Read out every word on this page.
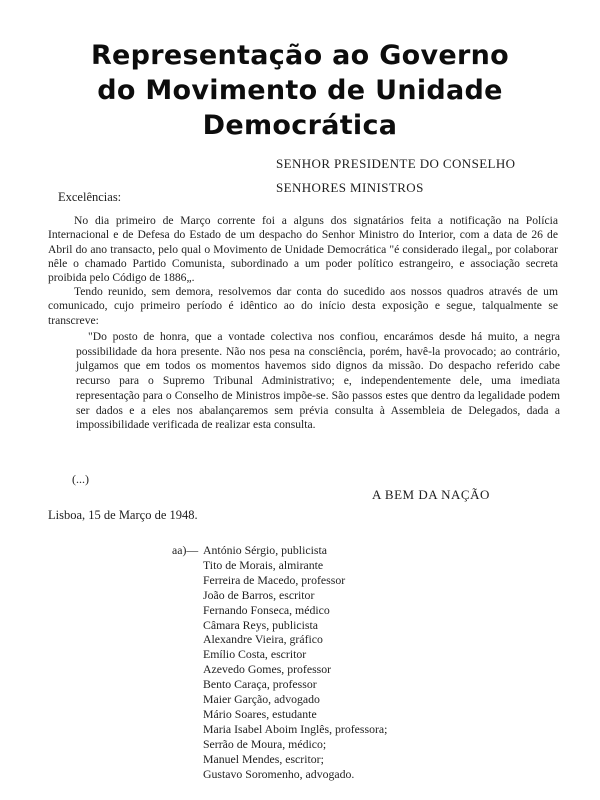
Representação ao Governo
do Movimento de Unidade
Democrática
SENHOR PRESIDENTE DO CONSELHO
SENHORES MINISTROS
Excelências:

No dia primeiro de Março corrente foi a alguns dos signatários feita a notificação na Polícia Internacional e de Defesa do Estado de um despacho do Senhor Ministro do Interior, com a data de 26 de Abril do ano transacto, pelo qual o Movimento de Unidade Democrática "é considerado ilegal„ por colaborar nêle o chamado Partido Comunista, subordinado a um poder político estrangeiro, e associação secreta proibida pelo Código de 1886„.

Tendo reunido, sem demora, resolvemos dar conta do sucedido aos nossos quadros através de um comunicado, cujo primeiro período é idêntico ao do início desta exposição e segue, talqualmente se transcreve:

"Do posto de honra, que a vontade colectiva nos confiou, encarámos desde há muito, a negra possibilidade da hora presente. Não nos pesa na consciência, porém, havê-la provocado; ao contrário, julgamos que em todos os momentos havemos sido dignos da missão. Do despacho referido cabe recurso para o Supremo Tribunal Administrativo; e, independentemente dele, uma imediata representação para o Conselho de Ministros impõe-se. São passos estes que dentro da legalidade podem ser dados e a eles nos abalançaremos sem prévia consulta à Assembleia de Delegados, dada a impossibilidade verificada de realizar esta consulta.

(...)
A BEM DA NAÇÃO
Lisboa, 15 de Março de 1948.
aa)— António Sérgio, publicista
Tito de Morais, almirante
Ferreira de Macedo, professor
João de Barros, escritor
Fernando Fonseca, médico
Câmara Reys, publicista
Alexandre Vieira, gráfico
Emílio Costa, escritor
Azevedo Gomes, professor
Bento Caraça, professor
Maier Garção, advogado
Mário Soares, estudante
Maria Isabel Aboim Inglês, professora;
Serrão de Moura, médico;
Manuel Mendes, escritor;
Gustavo Soromenho, advogado.
